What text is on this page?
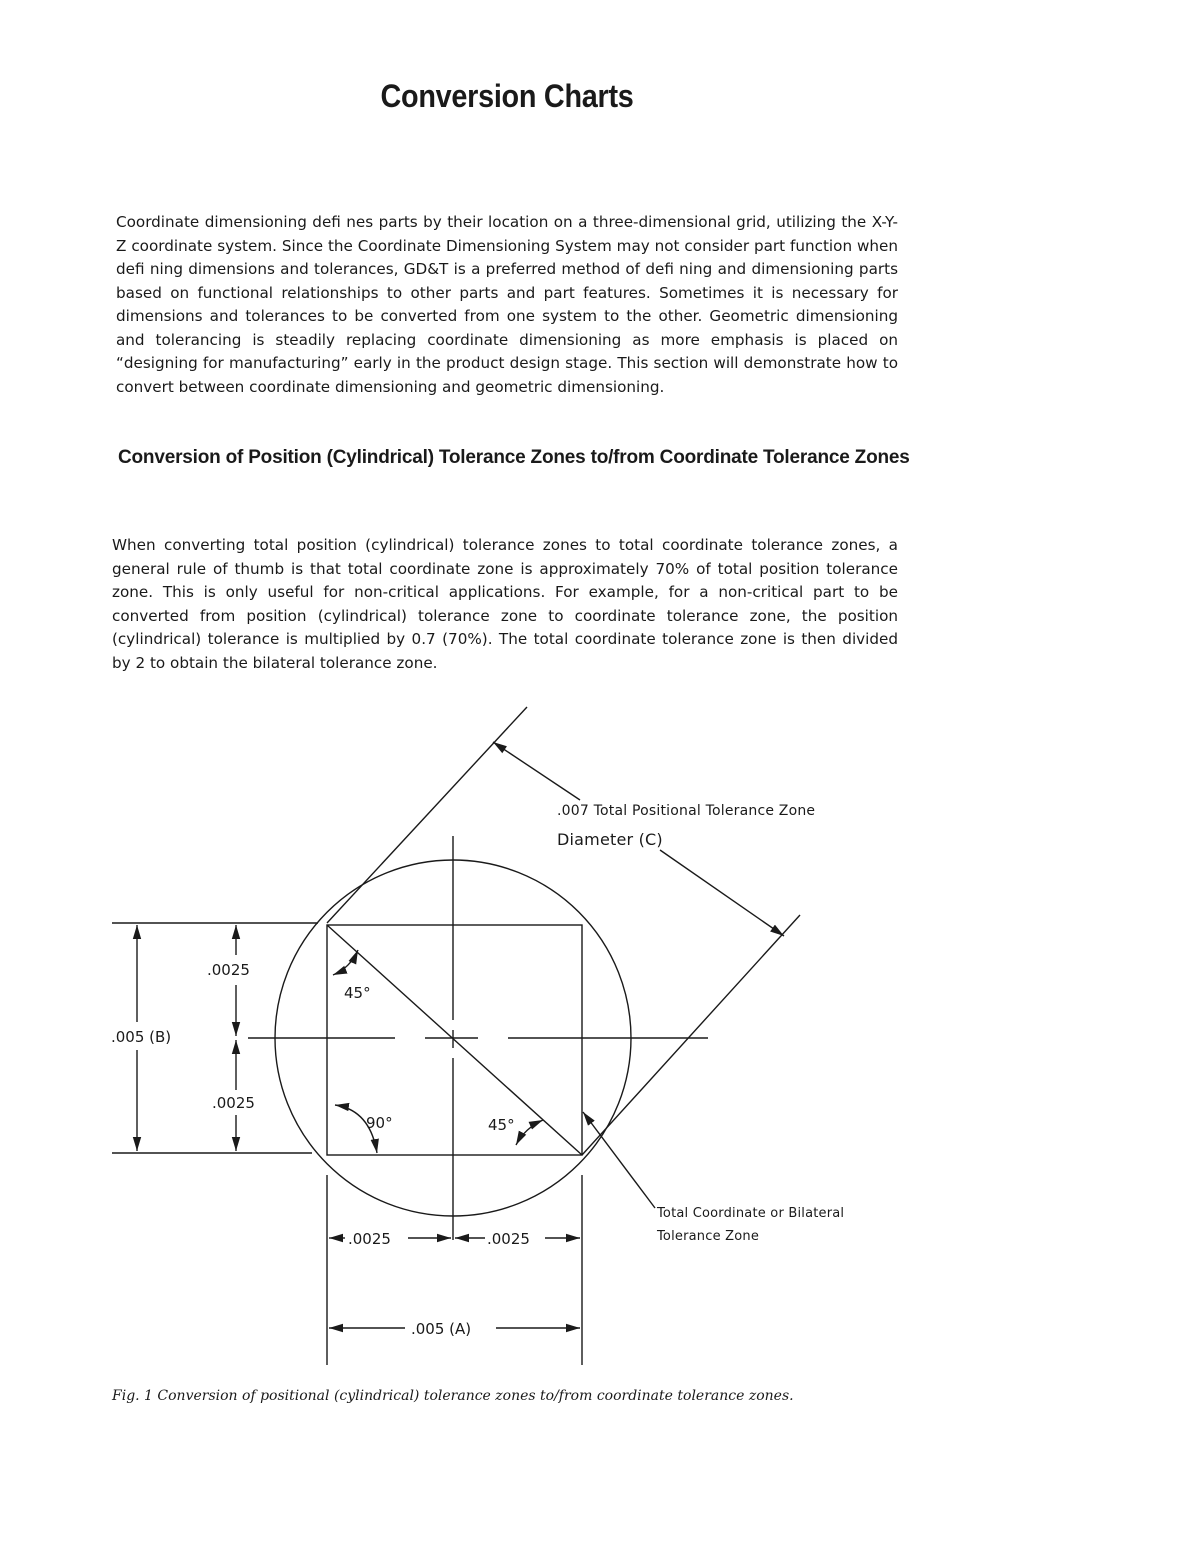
Conversion Charts

Coordinate dimensioning defi nes parts by their location on a three-dimensional grid, utilizing the X-Y-Z coordinate system. Since the Coordinate Dimensioning System may not consider part function when defi ning dimensions and tolerances, GD&T is a preferred method of defi ning and dimensioning parts based on functional relationships to other parts and part features. Sometimes it is necessary for dimensions and tolerances to be converted from one system to the other. Geometric dimensioning and tolerancing is steadily replacing coordinate dimensioning as more emphasis is placed on “designing for manufacturing” early in the product design stage. This section will demonstrate how to convert between coordinate dimensioning and geometric dimensioning.

Conversion of Position (Cylindrical) Tolerance Zones to/from Coordinate Tolerance Zones

When converting total position (cylindrical) tolerance zones to total coordinate tolerance zones, a general rule of thumb is that total coordinate zone is approximately 70% of total position tolerance zone. This is only useful for non-critical applications. For example, for a non-critical part to be converted from position (cylindrical) tolerance zone to coordinate tolerance zone, the position (cylindrical) tolerance is multiplied by 0.7 (70%). The total coordinate tolerance zone is then divided by 2 to obtain the bilateral tolerance zone.

.007 Total Positional Tolerance Zone
Diameter (C)
Total Coordinate or Bilateral
Tolerance Zone
.0025
.005 (B)
.0025
.0025	.0025
.005 (A)
45°
90°	45°

Fig. 1 Conversion of positional (cylindrical) tolerance zones to/from coordinate tolerance zones.
